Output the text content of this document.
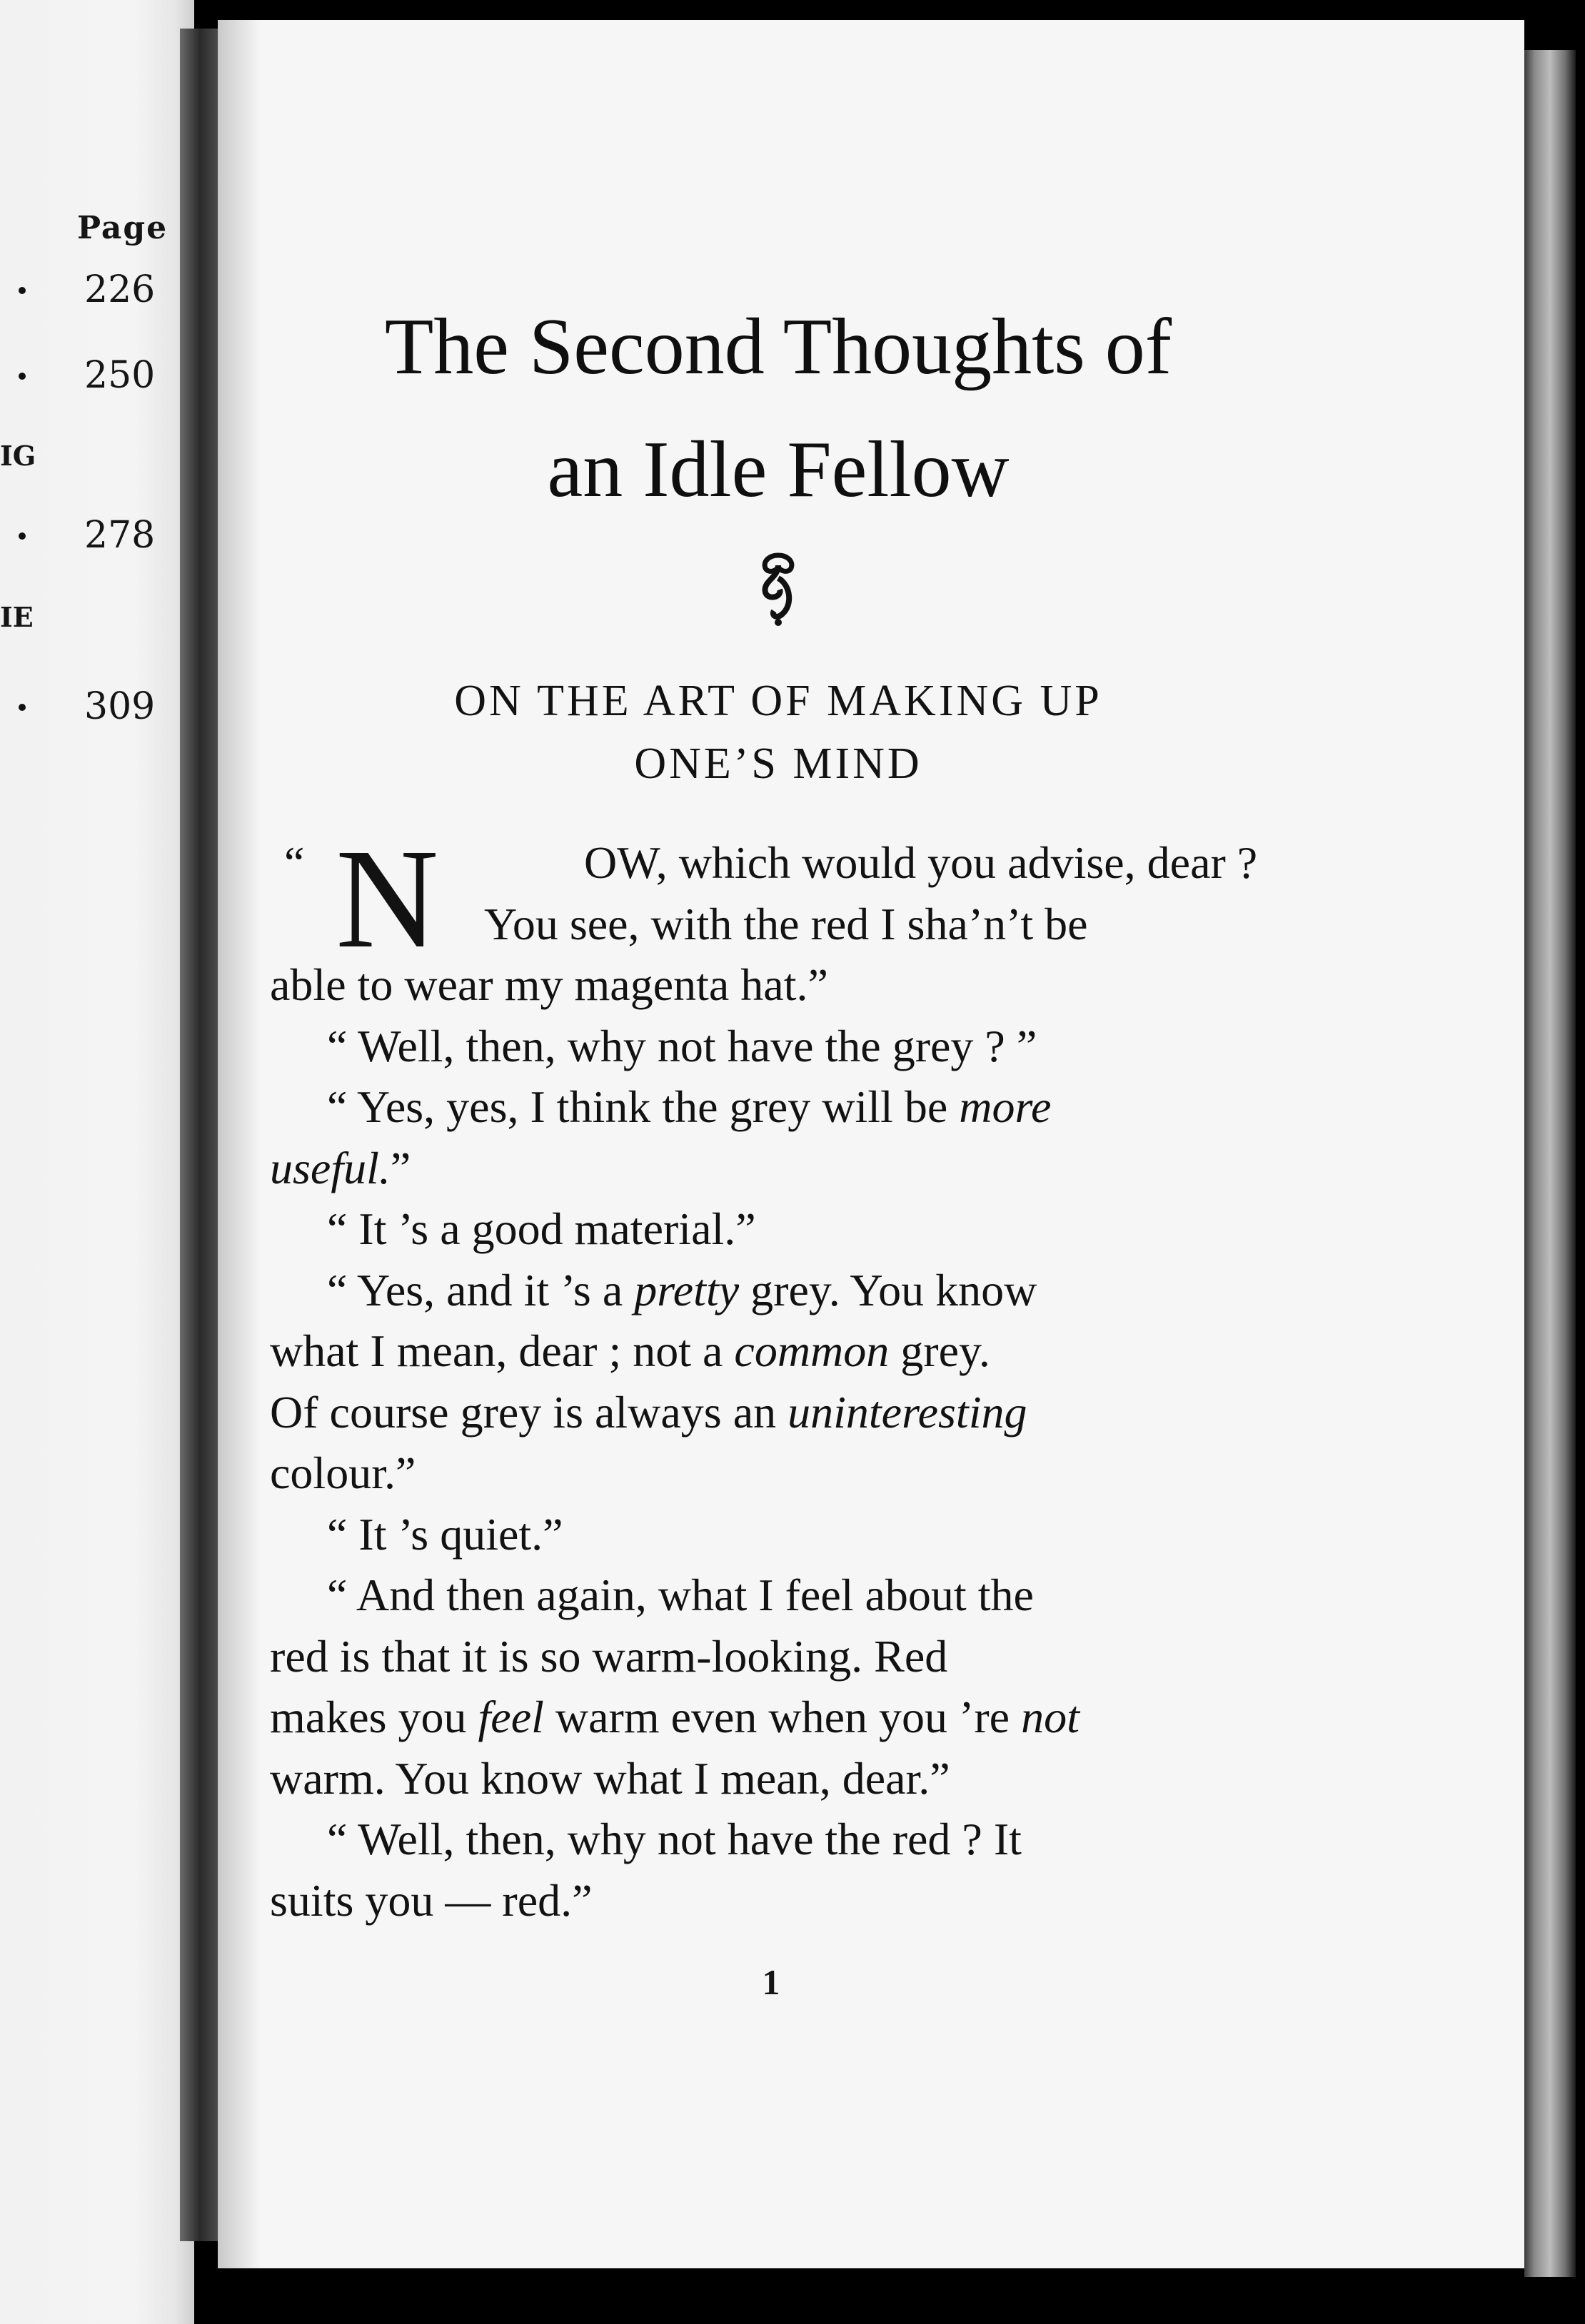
Page
226
250
IG
278
IE
309
The Second Thoughts of
an Idle Fellow
ON THE ART OF MAKING UP
ONE’S MIND
“ N	OW, which would you advise, dear ?
You see, with the red I sha’n’t be
able to wear my magenta hat.”
“ Well, then, why not have the grey ? ”
“ Yes, yes, I think the grey will be more
useful.”
“ It ’s a good material.”
“ Yes, and it ’s a pretty grey. You know
what I mean, dear ; not a common grey.
Of course grey is always an uninteresting
colour.”
“ It ’s quiet.”
“ And then again, what I feel about the
red is that it is so warm-looking. Red
makes you feel warm even when you ’re not
warm. You know what I mean, dear.”
“ Well, then, why not have the red ? It
suits you — red.”
1
